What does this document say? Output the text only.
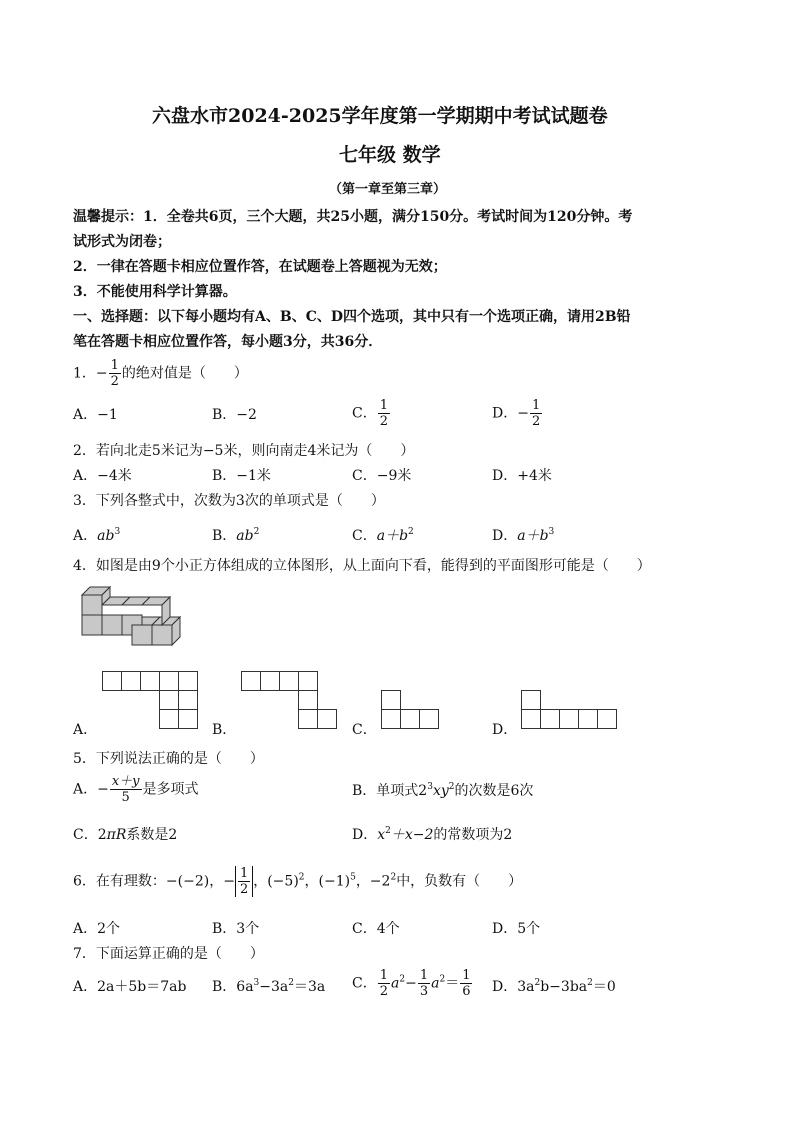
六盘水市2024-2025学年度第一学期期中考试试题卷
七年级 数学
（第一章至第三章）
温馨提示：1．全卷共6页，三个大题，共25小题，满分150分。考试时间为120分钟。考
试形式为闭卷；
2．一律在答题卡相应位置作答，在试题卷上答题视为无效；
3．不能使用科学计算器。
一、选择题：以下每小题均有A、B、C、D四个选项，其中只有一个选项正确，请用2B铅
笔在答题卡相应位置作答，每小题3分，共36分．
1．− $\frac{1}{2}$ 的绝对值是（　　）
A．−1	B．−2	C． $\frac{1}{2}$	D．− $\frac{1}{2}$
2．若向北走5米记为−5米，则向南走4米记为（　　）
A．−4米	B．−1米	C．−9米	D．+4米
3．下列各整式中，次数为3次的单项式是（　　）
A．$ab^3$	B．$ab^2$	C．$a+b^2$	D．$a+b^3$
4．如图是由9个小正方体组成的立体图形，从上面向下看，能得到的平面图形可能是（　　）
A．	B．	C．	D．
5．下列说法正确的是（　　）
A．− $\frac{x+y}{5}$ 是多项式	B．单项式$2^3xy^2$的次数是6次
C．2πR系数是2	D．$x^2+x-2$的常数项为2
6．在有理数：−(−2)，− $\frac{1}{2}$ ，$(-5)^2$，$(-1)^5$，$-2^2$中，负数有（　　）
A．2个	B．3个	C．4个	D．5个
7．下面运算正确的是（　　）
A．2a＋5b＝7ab B．$6a^3-3a^2=3a$ C． $\frac{1}{2} a^2- \frac{1}{3} a^2= \frac{1}{6}$ D．$3a^2b-3ba^2=0$
